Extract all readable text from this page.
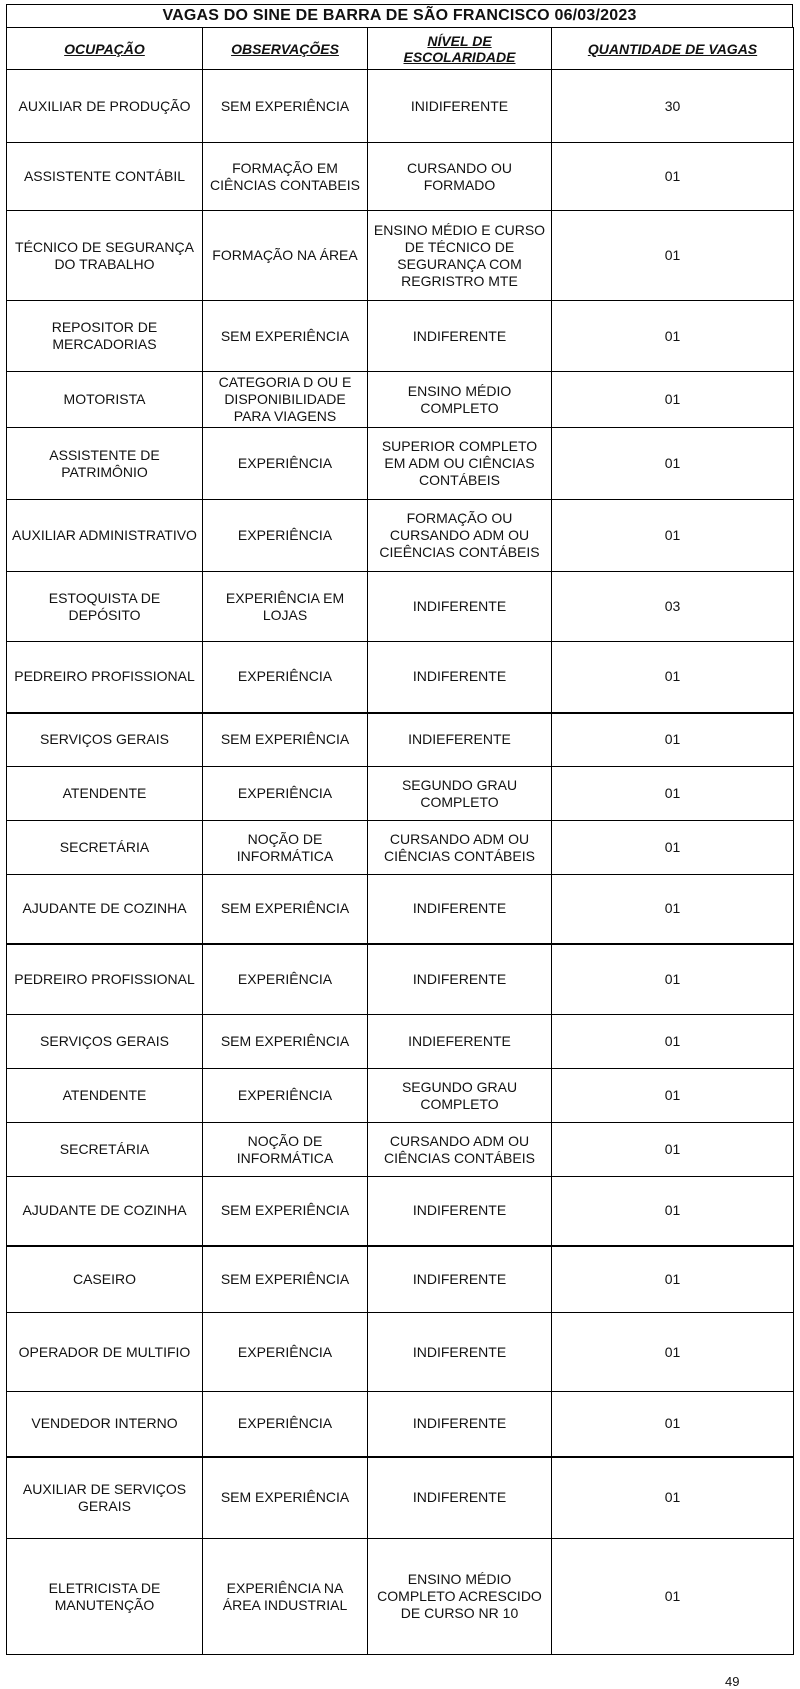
VAGAS DO SINE DE BARRA DE SÃO FRANCISCO 06/03/2023
OCUPAÇÃO	OBSERVAÇÕES	NÍVEL DE ESCOLARIDADE	QUANTIDADE DE VAGAS
AUXILIAR DE PRODUÇÃO	SEM EXPERIÊNCIA	INIDIFERENTE	30
ASSISTENTE CONTÁBIL	FORMAÇÃO EM CIÊNCIAS CONTABEIS	CURSANDO OU FORMADO	01
TÉCNICO DE SEGURANÇA DO TRABALHO	FORMAÇÃO NA ÁREA	ENSINO MÉDIO E CURSO DE TÉCNICO DE SEGURANÇA COM REGRISTRO MTE	01
REPOSITOR DE MERCADORIAS	SEM EXPERIÊNCIA	INDIFERENTE	01
MOTORISTA	CATEGORIA D OU E DISPONIBILIDADE PARA VIAGENS	ENSINO MÉDIO COMPLETO	01
ASSISTENTE DE PATRIMÔNIO	EXPERIÊNCIA	SUPERIOR COMPLETO EM ADM OU CIÊNCIAS CONTÁBEIS	01
AUXILIAR ADMINISTRATIVO	EXPERIÊNCIA	FORMAÇÃO OU CURSANDO ADM OU CIEÊNCIAS CONTÁBEIS	01
ESTOQUISTA DE DEPÓSITO	EXPERIÊNCIA EM LOJAS	INDIFERENTE	03
PEDREIRO PROFISSIONAL	EXPERIÊNCIA	INDIFERENTE	01
SERVIÇOS GERAIS	SEM EXPERIÊNCIA	INDIEFERENTE	01
ATENDENTE	EXPERIÊNCIA	SEGUNDO GRAU COMPLETO	01
SECRETÁRIA	NOÇÃO DE INFORMÁTICA	CURSANDO ADM OU CIÊNCIAS CONTÁBEIS	01
AJUDANTE DE COZINHA	SEM EXPERIÊNCIA	INDIFERENTE	01
PEDREIRO PROFISSIONAL	EXPERIÊNCIA	INDIFERENTE	01
SERVIÇOS GERAIS	SEM EXPERIÊNCIA	INDIEFERENTE	01
ATENDENTE	EXPERIÊNCIA	SEGUNDO GRAU COMPLETO	01
SECRETÁRIA	NOÇÃO DE INFORMÁTICA	CURSANDO ADM OU CIÊNCIAS CONTÁBEIS	01
AJUDANTE DE COZINHA	SEM EXPERIÊNCIA	INDIFERENTE	01
CASEIRO	SEM EXPERIÊNCIA	INDIFERENTE	01
OPERADOR DE MULTIFIO	EXPERIÊNCIA	INDIFERENTE	01
VENDEDOR INTERNO	EXPERIÊNCIA	INDIFERENTE	01
AUXILIAR DE SERVIÇOS GERAIS	SEM EXPERIÊNCIA	INDIFERENTE	01
ELETRICISTA DE MANUTENÇÃO	EXPERIÊNCIA NA ÁREA INDUSTRIAL	ENSINO MÉDIO COMPLETO ACRESCIDO DE CURSO NR 10	01
49
